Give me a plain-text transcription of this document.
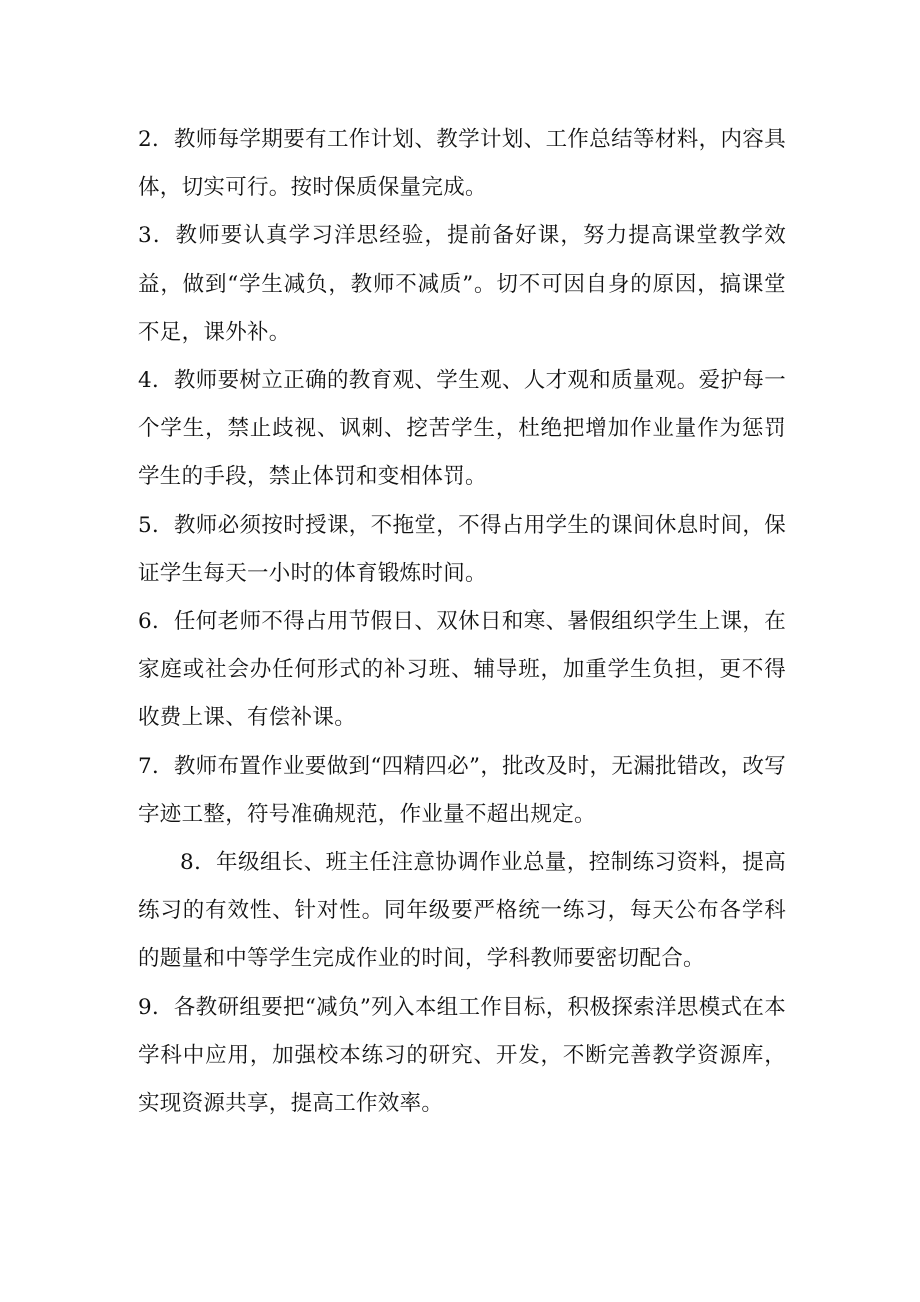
2．教师每学期要有工作计划、教学计划、工作总结等材料，内容具体，切实可行。按时保质保量完成。

3．教师要认真学习洋思经验，提前备好课，努力提高课堂教学效益，做到“学生减负，教师不减质”。切不可因自身的原因，搞课堂不足，课外补。

4．教师要树立正确的教育观、学生观、人才观和质量观。爱护每一个学生，禁止歧视、讽刺、挖苦学生，杜绝把增加作业量作为惩罚学生的手段，禁止体罚和变相体罚。

5．教师必须按时授课，不拖堂，不得占用学生的课间休息时间，保证学生每天一小时的体育锻炼时间。

6．任何老师不得占用节假日、双休日和寒、暑假组织学生上课，在家庭或社会办任何形式的补习班、辅导班，加重学生负担，更不得收费上课、有偿补课。

7．教师布置作业要做到“四精四必”，批改及时，无漏批错改，改写字迹工整，符号准确规范，作业量不超出规定。

8．年级组长、班主任注意协调作业总量，控制练习资料，提高练习的有效性、针对性。同年级要严格统一练习，每天公布各学科的题量和中等学生完成作业的时间，学科教师要密切配合。

9．各教研组要把“减负”列入本组工作目标，积极探索洋思模式在本学科中应用，加强校本练习的研究、开发，不断完善教学资源库，实现资源共享，提高工作效率。
